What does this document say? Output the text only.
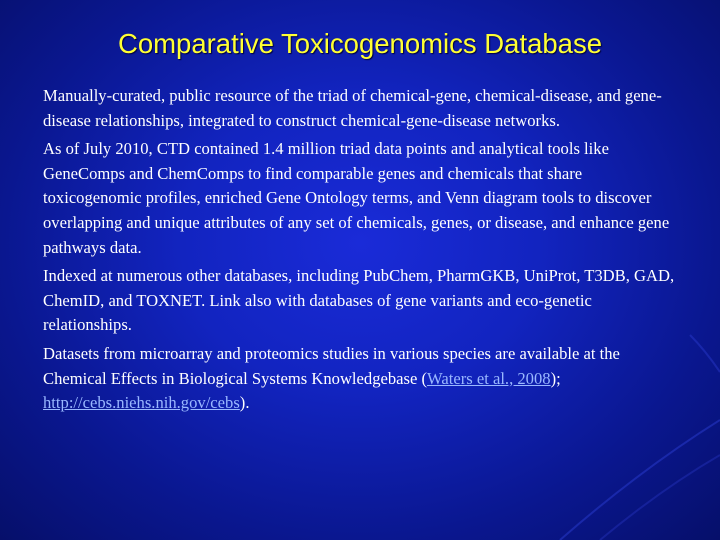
Comparative Toxicogenomics Database
Manually-curated, public resource of the triad of chemical-gene, chemical-disease, and gene-disease relationships, integrated to construct chemical-gene-disease networks.
As of July 2010, CTD contained 1.4 million triad data points and analytical tools like GeneComps and ChemComps to find comparable genes and chemicals that share toxicogenomic profiles, enriched Gene Ontology terms, and Venn diagram tools to discover overlapping and unique attributes of any set of chemicals, genes, or disease, and enhance gene pathways data.
Indexed at numerous other databases, including PubChem, PharmGKB, UniProt, T3DB, GAD, ChemID, and TOXNET. Link also with databases of gene variants and eco-genetic relationships.
Datasets from microarray and proteomics studies in various species are available at the Chemical Effects in Biological Systems Knowledgebase (Waters et al., 2008); http://cebs.niehs.nih.gov/cebs).
